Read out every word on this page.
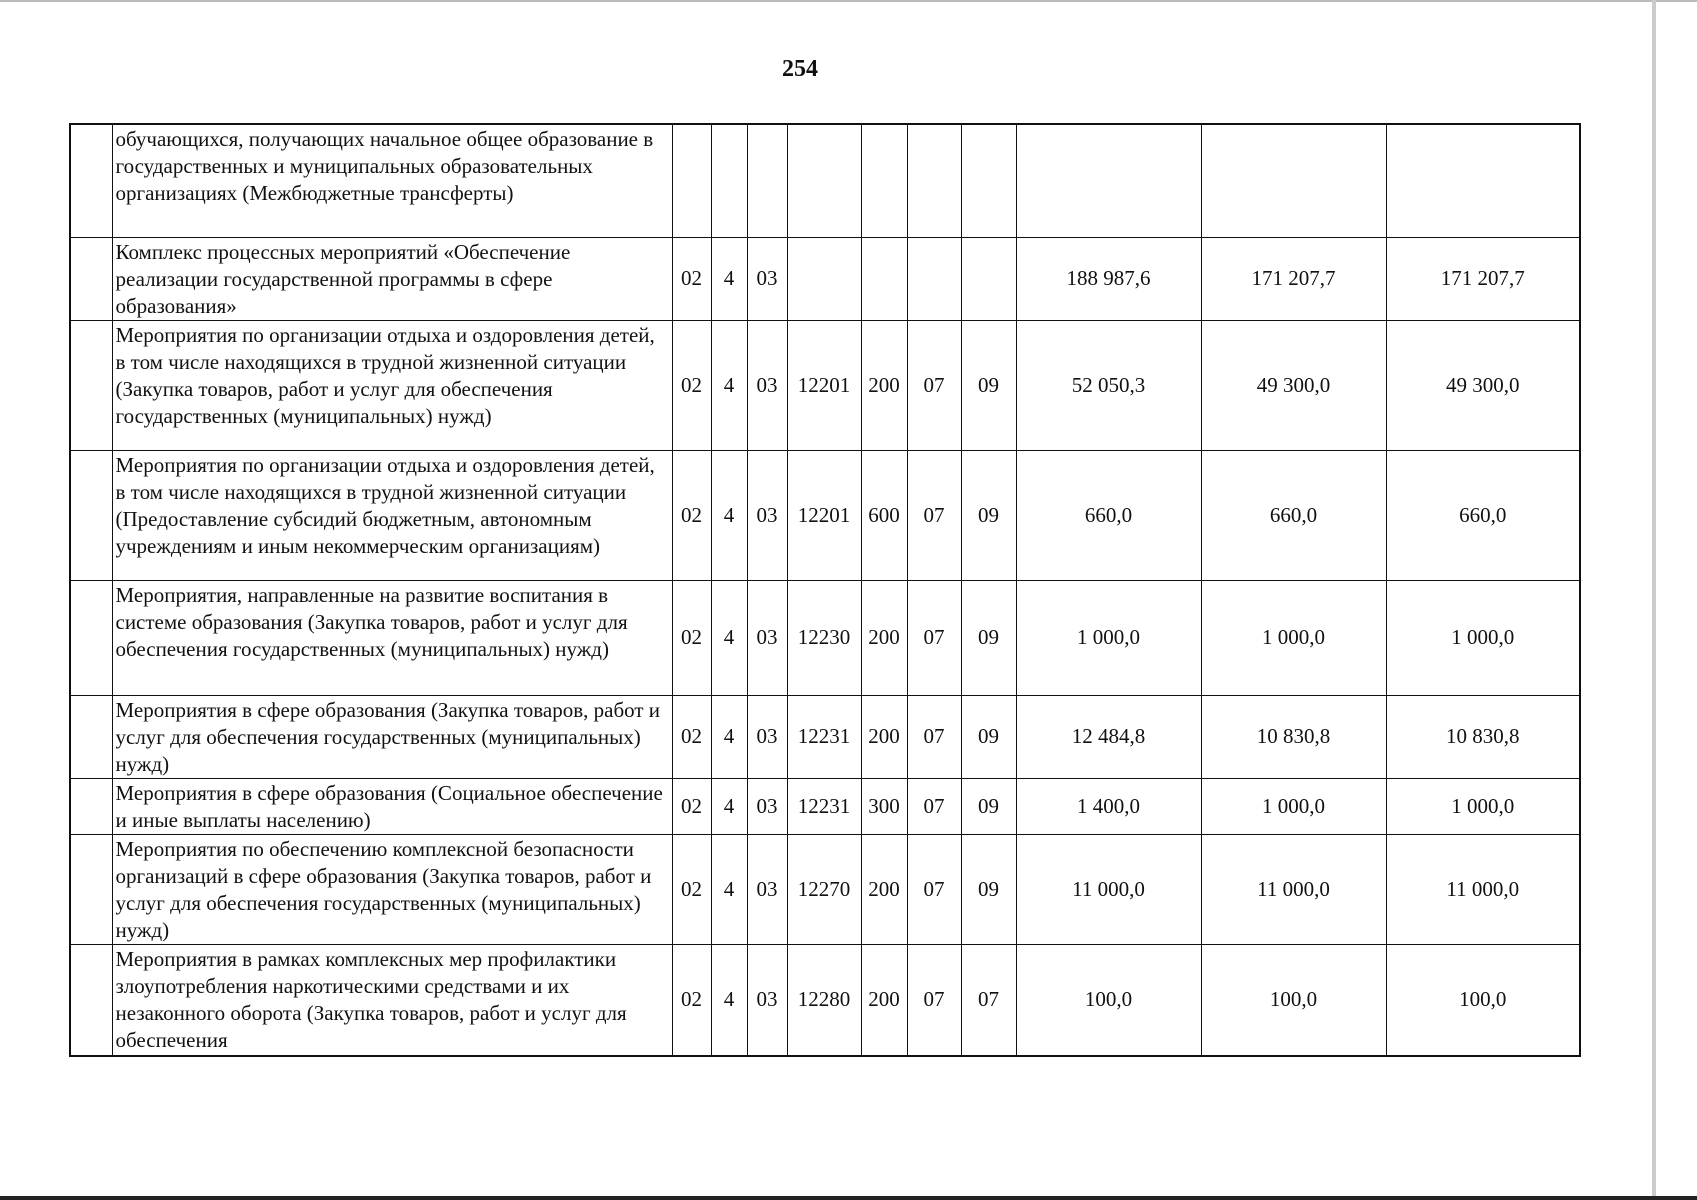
254
	обучающихся, получающих начальное общее образование в государственных и муниципальных образовательных организациях (Межбюджетные трансферты)										
	Комплекс процессных мероприятий «Обеспечение реализации государственной программы в сфере образования»	02	4	03					188 987,6	171 207,7	171 207,7
	Мероприятия по организации отдыха и оздоровления детей, в том числе находящихся в трудной жизненной ситуации (Закупка товаров, работ и услуг для обеспечения государственных (муниципальных) нужд)	02	4	03	12201	200	07	09	52 050,3	49 300,0	49 300,0
	Мероприятия по организации отдыха и оздоровления детей, в том числе находящихся в трудной жизненной ситуации (Предоставление субсидий бюджетным, автономным учреждениям и иным некоммерческим организациям)	02	4	03	12201	600	07	09	660,0	660,0	660,0
	Мероприятия, направленные на развитие воспитания в системе образования (Закупка товаров, работ и услуг для обеспечения государственных (муниципальных) нужд)	02	4	03	12230	200	07	09	1 000,0	1 000,0	1 000,0
	Мероприятия в сфере образования (Закупка товаров, работ и услуг для обеспечения государственных (муниципальных) нужд)	02	4	03	12231	200	07	09	12 484,8	10 830,8	10 830,8
	Мероприятия в сфере образования (Социальное обеспечение и иные выплаты населению)	02	4	03	12231	300	07	09	1 400,0	1 000,0	1 000,0
	Мероприятия по обеспечению комплексной безопасности организаций в сфере образования (Закупка товаров, работ и услуг для обеспечения государственных (муниципальных) нужд)	02	4	03	12270	200	07	09	11 000,0	11 000,0	11 000,0
	Мероприятия в рамках комплексных мер профилактики злоупотребления наркотическими средствами и их незаконного оборота (Закупка товаров, работ и услуг для обеспечения	02	4	03	12280	200	07	07	100,0	100,0	100,0
